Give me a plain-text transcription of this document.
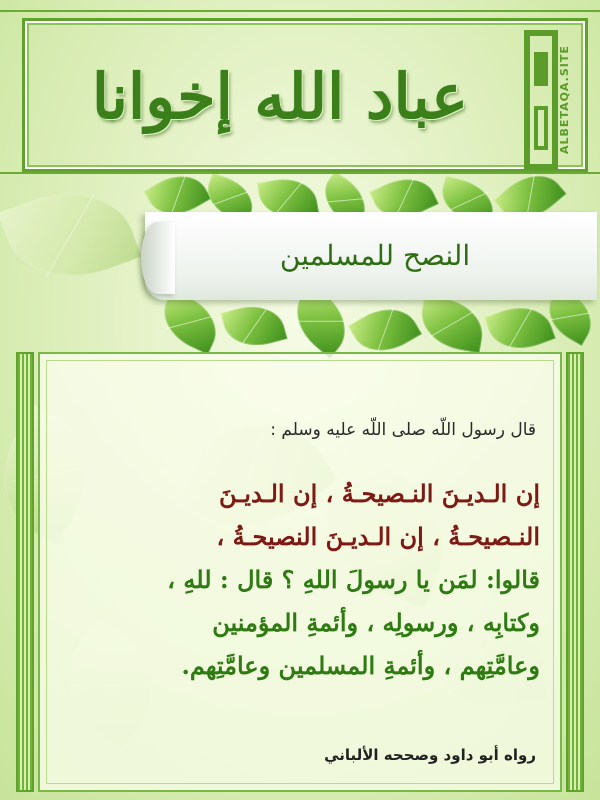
عباد الله إخوانا	ALBETAQA.SITE
النصح للمسلمين
قال رسول اللّه صلى اللّه عليه وسلم :
إن الـديـنَ النـصيحـةُ ، إن الـديـنَ
النـصيحـةُ ، إن الـديـنَ النصيحـةُ ،
قالوا: لمَن يا رسولَ اللهِ ؟ قال : للهِ ،
وكتابِه ، ورسولِه ، وأئمةِ المؤمنين
وعامَّتِهم ، وأئمةِ المسلمين وعامَّتِهم.
رواه أبو داود وصححه الألباني
